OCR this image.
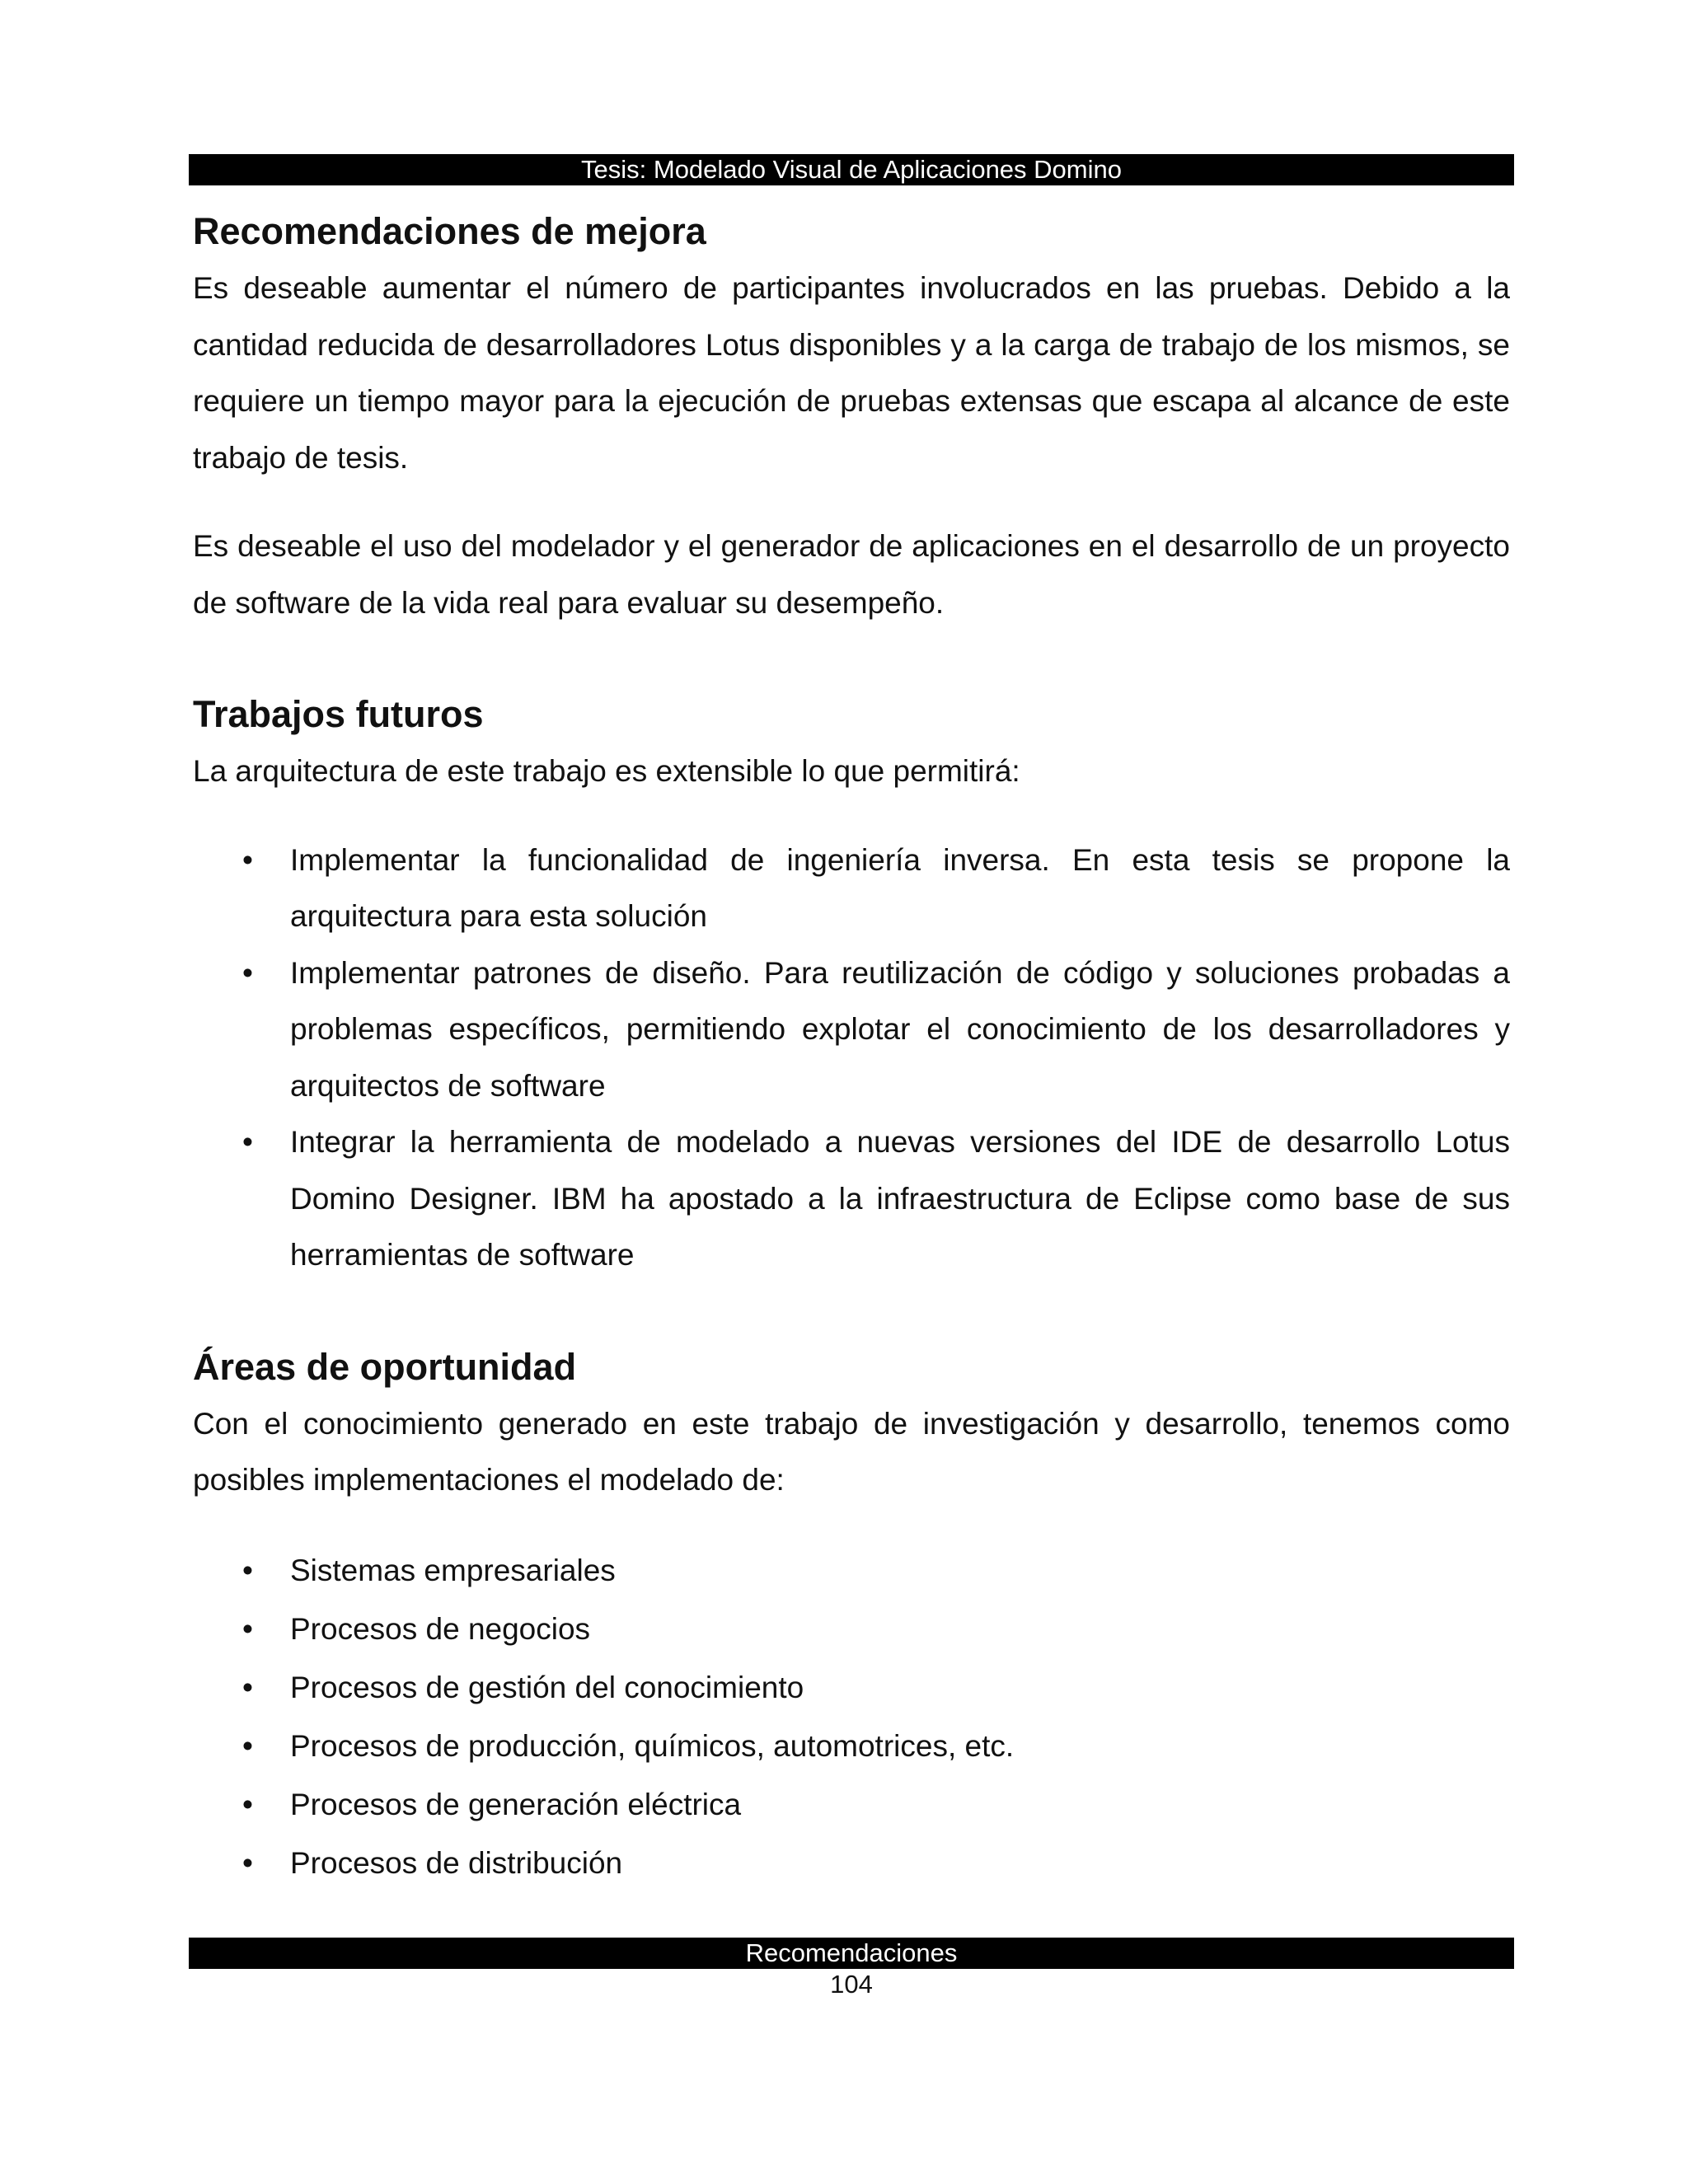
Tesis: Modelado Visual de Aplicaciones Domino
Recomendaciones de mejora

Es deseable aumentar el número de participantes involucrados en las pruebas. Debido a la cantidad reducida de desarrolladores Lotus disponibles y a la carga de trabajo de los mismos, se requiere un tiempo mayor para la ejecución de pruebas extensas que escapa al alcance de este trabajo de tesis.

Es deseable el uso del modelador y el generador de aplicaciones en el desarrollo de un proyecto de software de la vida real para evaluar su desempeño.

Trabajos futuros

La arquitectura de este trabajo es extensible lo que permitirá:

• Implementar la funcionalidad de ingeniería inversa. En esta tesis se propone la arquitectura para esta solución
• Implementar patrones de diseño. Para reutilización de código y soluciones probadas a problemas específicos, permitiendo explotar el conocimiento de los desarrolladores y arquitectos de software
• Integrar la herramienta de modelado a nuevas versiones del IDE de desarrollo Lotus Domino Designer. IBM ha apostado a la infraestructura de Eclipse como base de sus herramientas de software
Áreas de oportunidad

Con el conocimiento generado en este trabajo de investigación y desarrollo, tenemos como posibles implementaciones el modelado de:

• Sistemas empresariales
• Procesos de negocios
• Procesos de gestión del conocimiento
• Procesos de producción, químicos, automotrices, etc.
• Procesos de generación eléctrica
• Procesos de distribución
Recomendaciones
104
